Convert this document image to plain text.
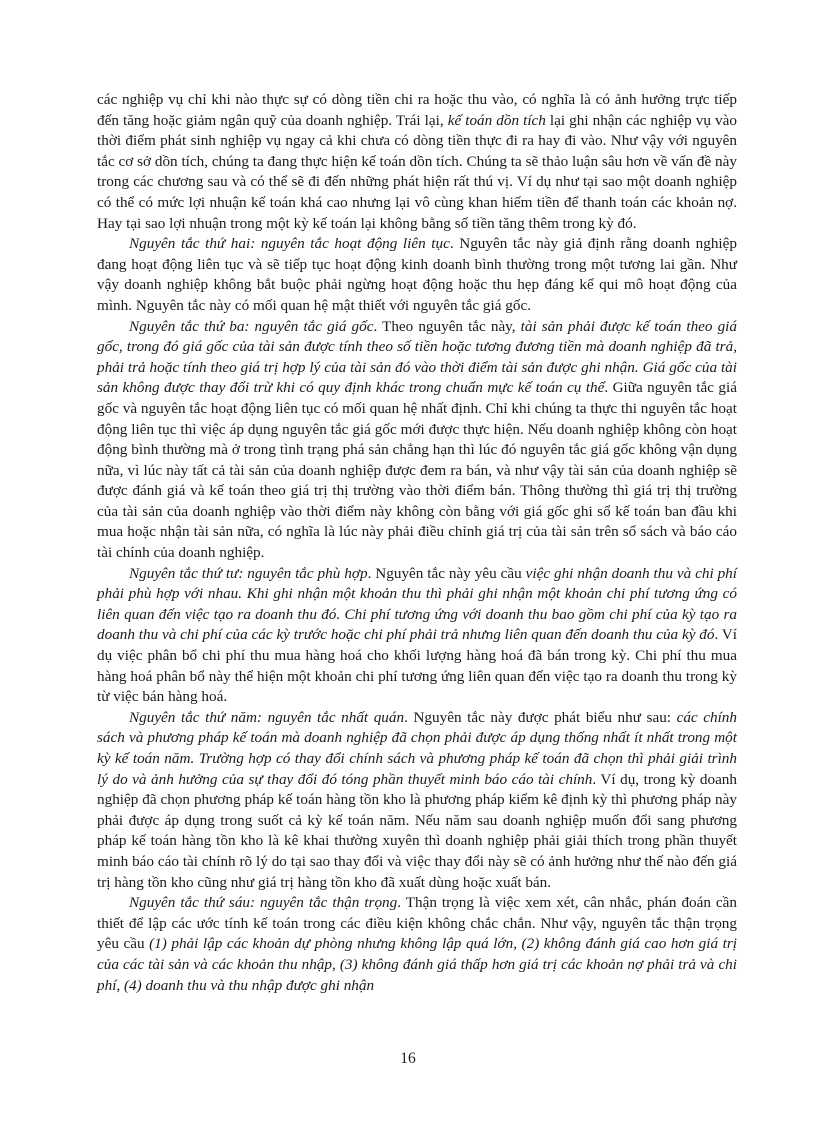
các nghiệp vụ chỉ khi nào thực sự có dòng tiền chi ra hoặc thu vào, có nghĩa là có ảnh hưởng trực tiếp đến tăng hoặc giảm ngân quỹ của doanh nghiệp. Trái lại, kế toán dồn tích lại ghi nhận các nghiệp vụ vào thời điểm phát sinh nghiệp vụ ngay cả khi chưa có dòng tiền thực đi ra hay đi vào. Như vậy với nguyên tắc cơ sở dồn tích, chúng ta đang thực hiện kế toán dồn tích. Chúng ta sẽ thảo luận sâu hơn về vấn đề này trong các chương sau và có thể sẽ đi đến những phát hiện rất thú vị. Ví dụ như tại sao một doanh nghiệp có thể có mức lợi nhuận kế toán khá cao nhưng lại vô cùng khan hiếm tiền để thanh toán các khoản nợ. Hay tại sao lợi nhuận trong một kỳ kế toán lại không bằng số tiền tăng thêm trong kỳ đó.

Nguyên tắc thứ hai: nguyên tắc hoạt động liên tục. Nguyên tắc này giả định rằng doanh nghiệp đang hoạt động liên tục và sẽ tiếp tục hoạt động kinh doanh bình thường trong một tương lai gần. Như vậy doanh nghiệp không bắt buộc phải ngừng hoạt động hoặc thu hẹp đáng kể qui mô hoạt động của mình. Nguyên tắc này có mối quan hệ mật thiết với nguyên tắc giá gốc.

Nguyên tắc thứ ba: nguyên tắc giá gốc. Theo nguyên tắc này, tài sản phải được kế toán theo giá gốc, trong đó giá gốc của tài sản được tính theo số tiền hoặc tương đương tiền mà doanh nghiệp đã trả, phải trả hoặc tính theo giá trị hợp lý của tài sản đó vào thời điểm tài sản được ghi nhận. Giá gốc của tài sản không được thay đổi trừ khi có quy định khác trong chuẩn mực kế toán cụ thể. Giữa nguyên tắc giá gốc và nguyên tắc hoạt động liên tục có mối quan hệ nhất định. Chỉ khi chúng ta thực thi nguyên tắc hoạt động liên tục thì việc áp dụng nguyên tắc giá gốc mới được thực hiện. Nếu doanh nghiệp không còn hoạt động bình thường mà ở trong tình trạng phá sản chẳng hạn thì lúc đó nguyên tắc giá gốc không vận dụng nữa, vì lúc này tất cả tài sản của doanh nghiệp được đem ra bán, và như vậy tài sản của doanh nghiệp sẽ được đánh giá và kế toán theo giá trị thị trường vào thời điểm bán. Thông thường thì giá trị thị trường của tài sản của doanh nghiệp vào thời điểm này không còn bằng với giá gốc ghi sổ kế toán ban đầu khi mua hoặc nhận tài sản nữa, có nghĩa là lúc này phải điều chỉnh giá trị của tài sản trên sổ sách và báo cáo tài chính của doanh nghiệp.

Nguyên tắc thứ tư: nguyên tắc phù hợp. Nguyên tắc này yêu cầu việc ghi nhận doanh thu và chi phí phải phù hợp với nhau. Khi ghi nhận một khoản thu thì phải ghi nhận một khoản chi phí tương ứng có liên quan đến việc tạo ra doanh thu đó. Chi phí tương ứng với doanh thu bao gồm chi phí của kỳ tạo ra doanh thu và chi phí của các kỳ trước hoặc chi phí phải trả nhưng liên quan đến doanh thu của kỳ đó. Ví dụ việc phân bổ chi phí thu mua hàng hoá cho khối lượng hàng hoá đã bán trong kỳ. Chi phí thu mua hàng hoá phân bổ này thể hiện một khoản chi phí tương ứng liên quan đến việc tạo ra doanh thu trong kỳ từ việc bán hàng hoá.

Nguyên tắc thứ năm: nguyên tắc nhất quán. Nguyên tắc này được phát biểu như sau: các chính sách và phương pháp kế toán mà doanh nghiệp đã chọn phải được áp dụng thống nhất ít nhất trong một kỳ kế toán năm. Trường hợp có thay đổi chính sách và phương pháp kế toán đã chọn thì phải giải trình lý do và ảnh hưởng của sự thay đổi đó tóng phần thuyết minh báo cáo tài chính. Ví dụ, trong kỳ doanh nghiệp đã chọn phương pháp kế toán hàng tồn kho là phương pháp kiểm kê định kỳ thì phương pháp này phải được áp dụng trong suốt cả kỳ kế toán năm. Nếu năm sau doanh nghiệp muốn đổi sang phương pháp kế toán hàng tồn kho là kê khai thường xuyên thì doanh nghiệp phải giải thích trong phần thuyết minh báo cáo tài chính rõ lý do tại sao thay đổi và việc thay đổi này sẽ có ảnh hưởng như thế nào đến giá trị hàng tồn kho cũng như giá trị hàng tồn kho đã xuất dùng hoặc xuất bán.

Nguyên tắc thứ sáu: nguyên tắc thận trọng. Thận trọng là việc xem xét, cân nhắc, phán đoán cần thiết để lập các ước tính kế toán trong các điều kiện không chắc chắn. Như vậy, nguyên tắc thận trọng yêu cầu (1) phải lập các khoản dự phòng nhưng không lập quá lớn, (2) không đánh giá cao hơn giá trị của các tài sản và các khoản thu nhập, (3) không đánh giá thấp hơn giá trị các khoản nợ phải trả và chi phí, (4) doanh thu và thu nhập được ghi nhận

16
